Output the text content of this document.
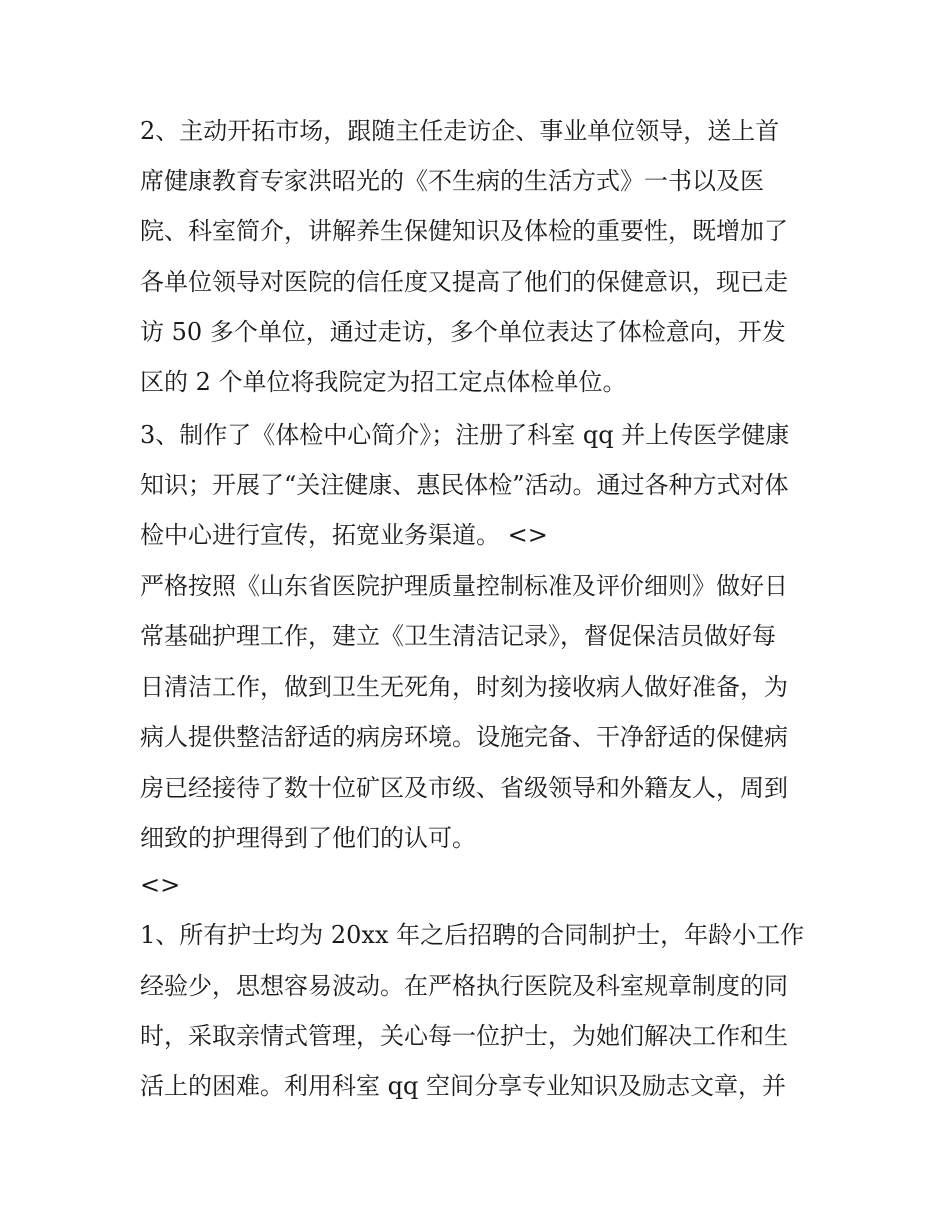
2、主动开拓市场，跟随主任走访企、事业单位领导，送上首
席健康教育专家洪昭光的《不生病的生活方式》一书以及医
院、科室简介，讲解养生保健知识及体检的重要性，既增加了
各单位领导对医院的信任度又提高了他们的保健意识，现已走
访 50 多个单位，通过走访，多个单位表达了体检意向，开发
区的 2 个单位将我院定为招工定点体检单位。
3、制作了《体检中心简介》；注册了科室 qq 并上传医学健康
知识；开展了“关注健康、惠民体检”活动。通过各种方式对体
检中心进行宣传，拓宽业务渠道。 <>
严格按照《山东省医院护理质量控制标准及评价细则》做好日
常基础护理工作，建立《卫生清洁记录》，督促保洁员做好每
日清洁工作，做到卫生无死角，时刻为接收病人做好准备，为
病人提供整洁舒适的病房环境。设施完备、干净舒适的保健病
房已经接待了数十位矿区及市级、省级领导和外籍友人，周到
细致的护理得到了他们的认可。
<>
1、所有护士均为 20xx 年之后招聘的合同制护士，年龄小工作
经验少，思想容易波动。在严格执行医院及科室规章制度的同
时，采取亲情式管理，关心每一位护士，为她们解决工作和生
活上的困难。利用科室 qq 空间分享专业知识及励志文章，并
